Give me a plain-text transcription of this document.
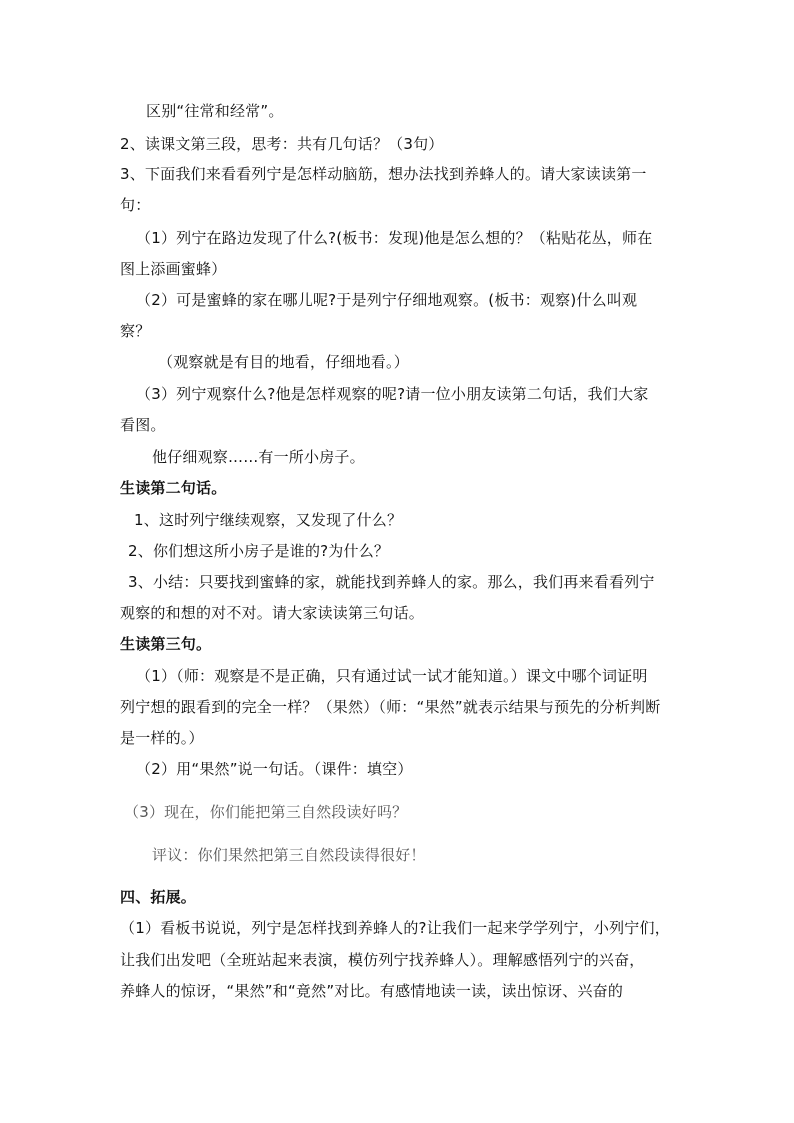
区别“往常和经常”。
2、读课文第三段，思考：共有几句话？（3句）
3、下面我们来看看列宁是怎样动脑筋，想办法找到养蜂人的。请大家读读第一
句：
（1）列宁在路边发现了什么?(板书：发现)他是怎么想的？（粘贴花丛，师在
图上添画蜜蜂）
（2）可是蜜蜂的家在哪儿呢?于是列宁仔细地观察。(板书：观察)什么叫观
察？
（观察就是有目的地看，仔细地看。）
（3）列宁观察什么?他是怎样观察的呢?请一位小朋友读第二句话，我们大家
看图。
他仔细观察……有一所小房子。
生读第二句话。
1、这时列宁继续观察，又发现了什么？
2、你们想这所小房子是谁的?为什么？
3、小结：只要找到蜜蜂的家，就能找到养蜂人的家。那么，我们再来看看列宁
观察的和想的对不对。请大家读读第三句话。
生读第三句。
（1）（师：观察是不是正确，只有通过试一试才能知道。）课文中哪个词证明
列宁想的跟看到的完全一样？（果然）（师：“果然”就表示结果与预先的分析判断
是一样的。）
（2）用“果然”说一句话。（课件：填空）
（3）现在，你们能把第三自然段读好吗？
评议：你们果然把第三自然段读得很好！
四、拓展。
（1）看板书说说，列宁是怎样找到养蜂人的?让我们一起来学学列宁，小列宁们，
让我们出发吧（全班站起来表演，模仿列宁找养蜂人）。理解感悟列宁的兴奋，
养蜂人的惊讶，“果然”和“竟然”对比。有感情地读一读，读出惊讶、兴奋的
